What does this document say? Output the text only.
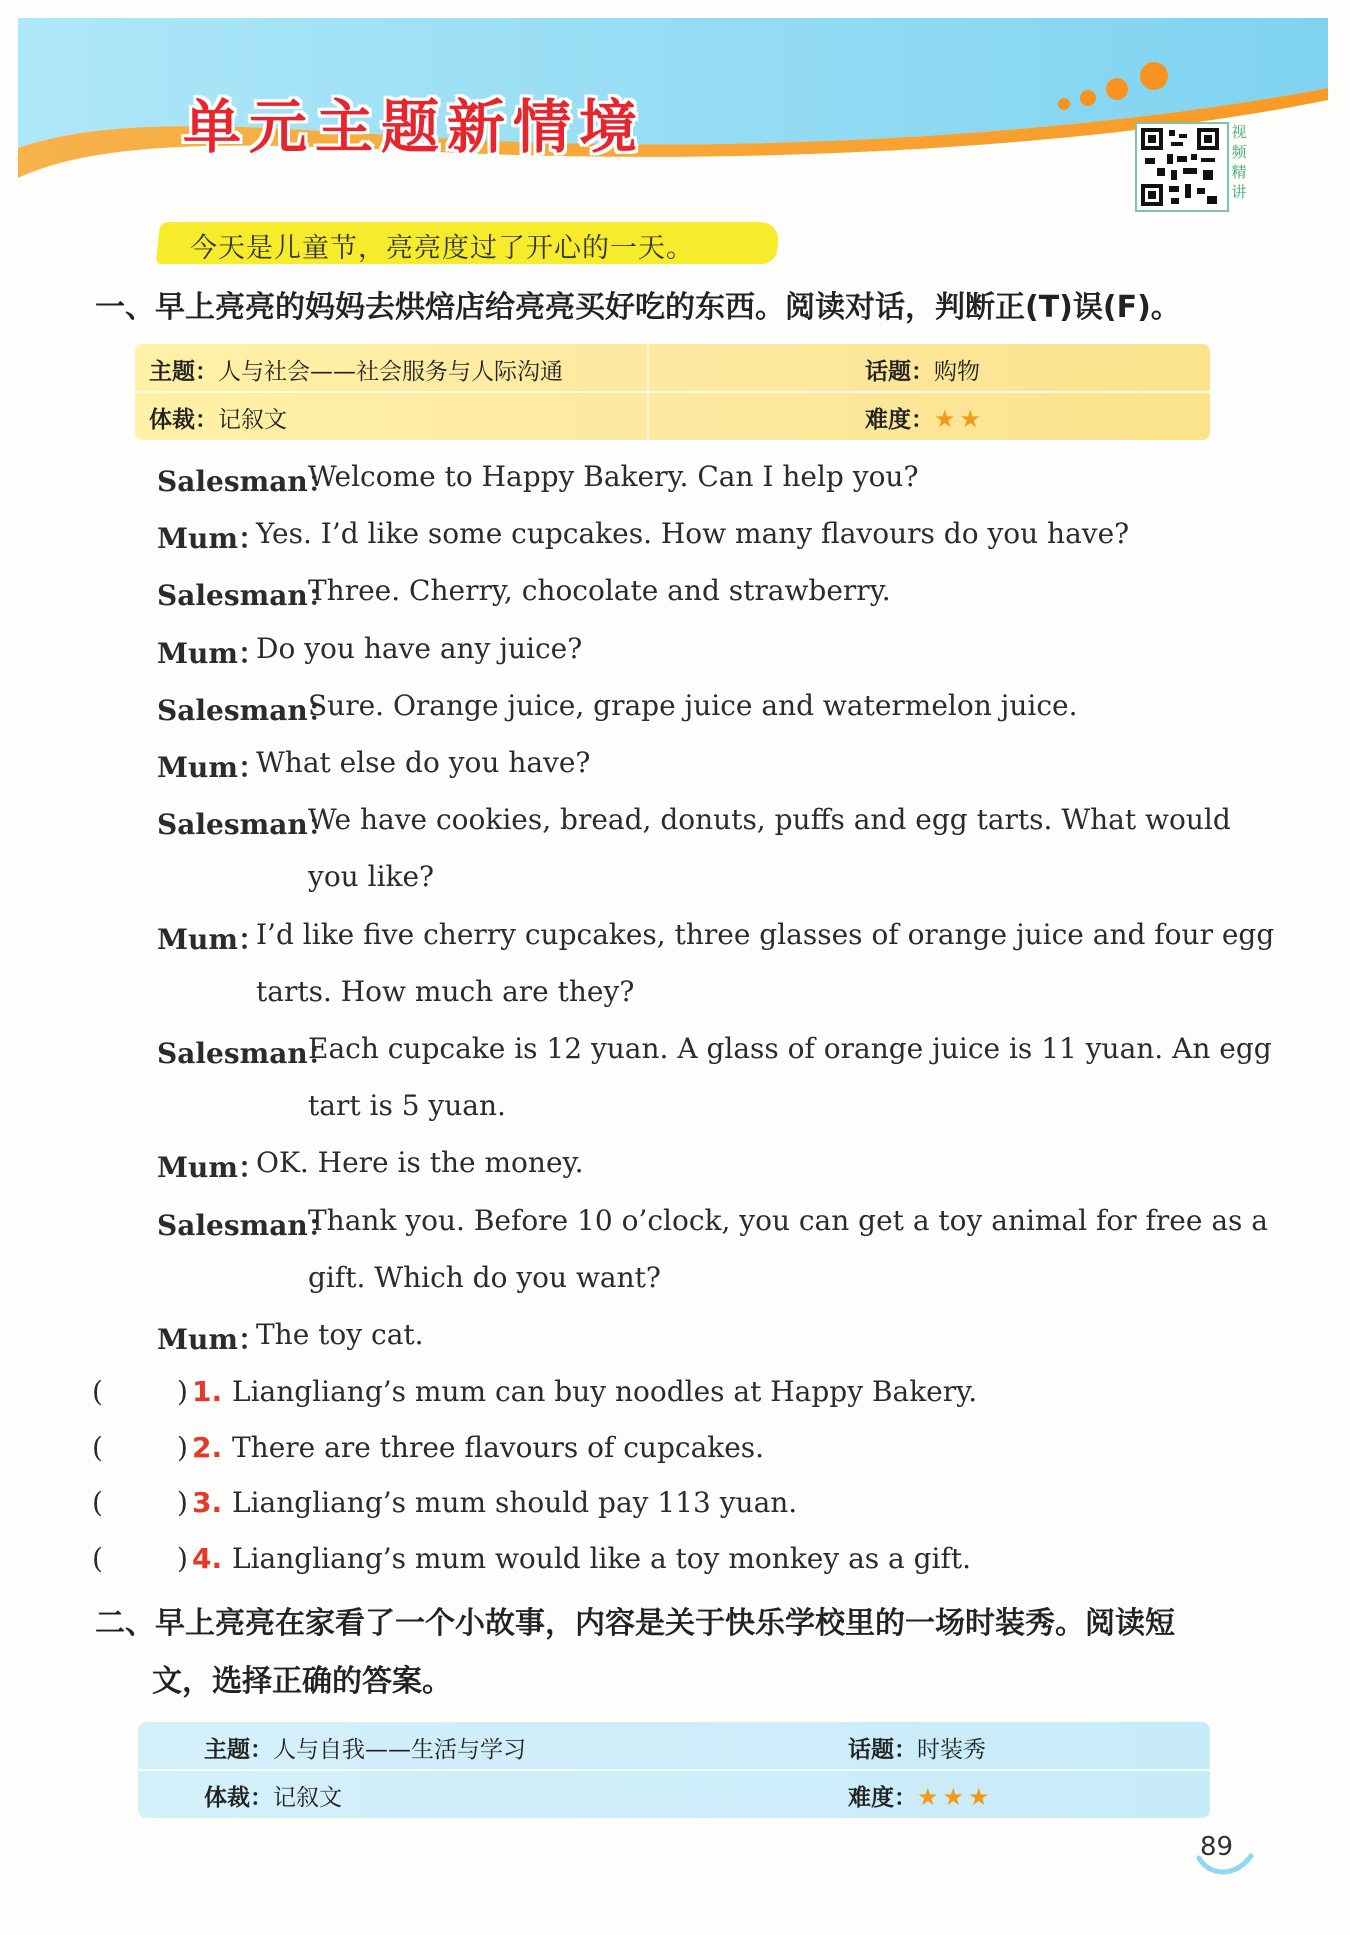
单元主题新情境	视频精讲
今天是儿童节，亮亮度过了开心的一天。
一、早上亮亮的妈妈去烘焙店给亮亮买好吃的东西。阅读对话，判断正(T)误(F)。
主题：人与社会——社会服务与人际沟通	话题：购物
体裁：记叙文	难度：★★
Salesman：
Welcome to Happy Bakery. Can I help you?
Mum：
Yes. I’d like some cupcakes. How many flavours do you have?
Salesman：
Three. Cherry, chocolate and strawberry.
Mum：
Do you have any juice?
Salesman：
Sure. Orange juice, grape juice and watermelon juice.
Mum：
What else do you have?
Salesman：
We have cookies, bread, donuts, puffs and egg tarts. What would
you like?
Mum：
I’d like five cherry cupcakes, three glasses of orange juice and four egg
tarts. How much are they?
Salesman：
Each cupcake is 12 yuan. A glass of orange juice is 11 yuan. An egg
tart is 5 yuan.
Mum：
OK. Here is the money.
Salesman：
Thank you. Before 10 o’clock, you can get a toy animal for free as a
gift. Which do you want?
Mum：
The toy cat.
(	) 1. Liangliang’s mum can buy noodles at Happy Bakery.
(	) 2. There are three flavours of cupcakes.
(	) 3. Liangliang’s mum should pay 113 yuan.
(	) 4. Liangliang’s mum would like a toy monkey as a gift.
二、早上亮亮在家看了一个小故事，内容是关于快乐学校里的一场时装秀。阅读短
文，选择正确的答案。
主题：人与自我——生活与学习	话题：时装秀
体裁：记叙文	难度：★★★
89
